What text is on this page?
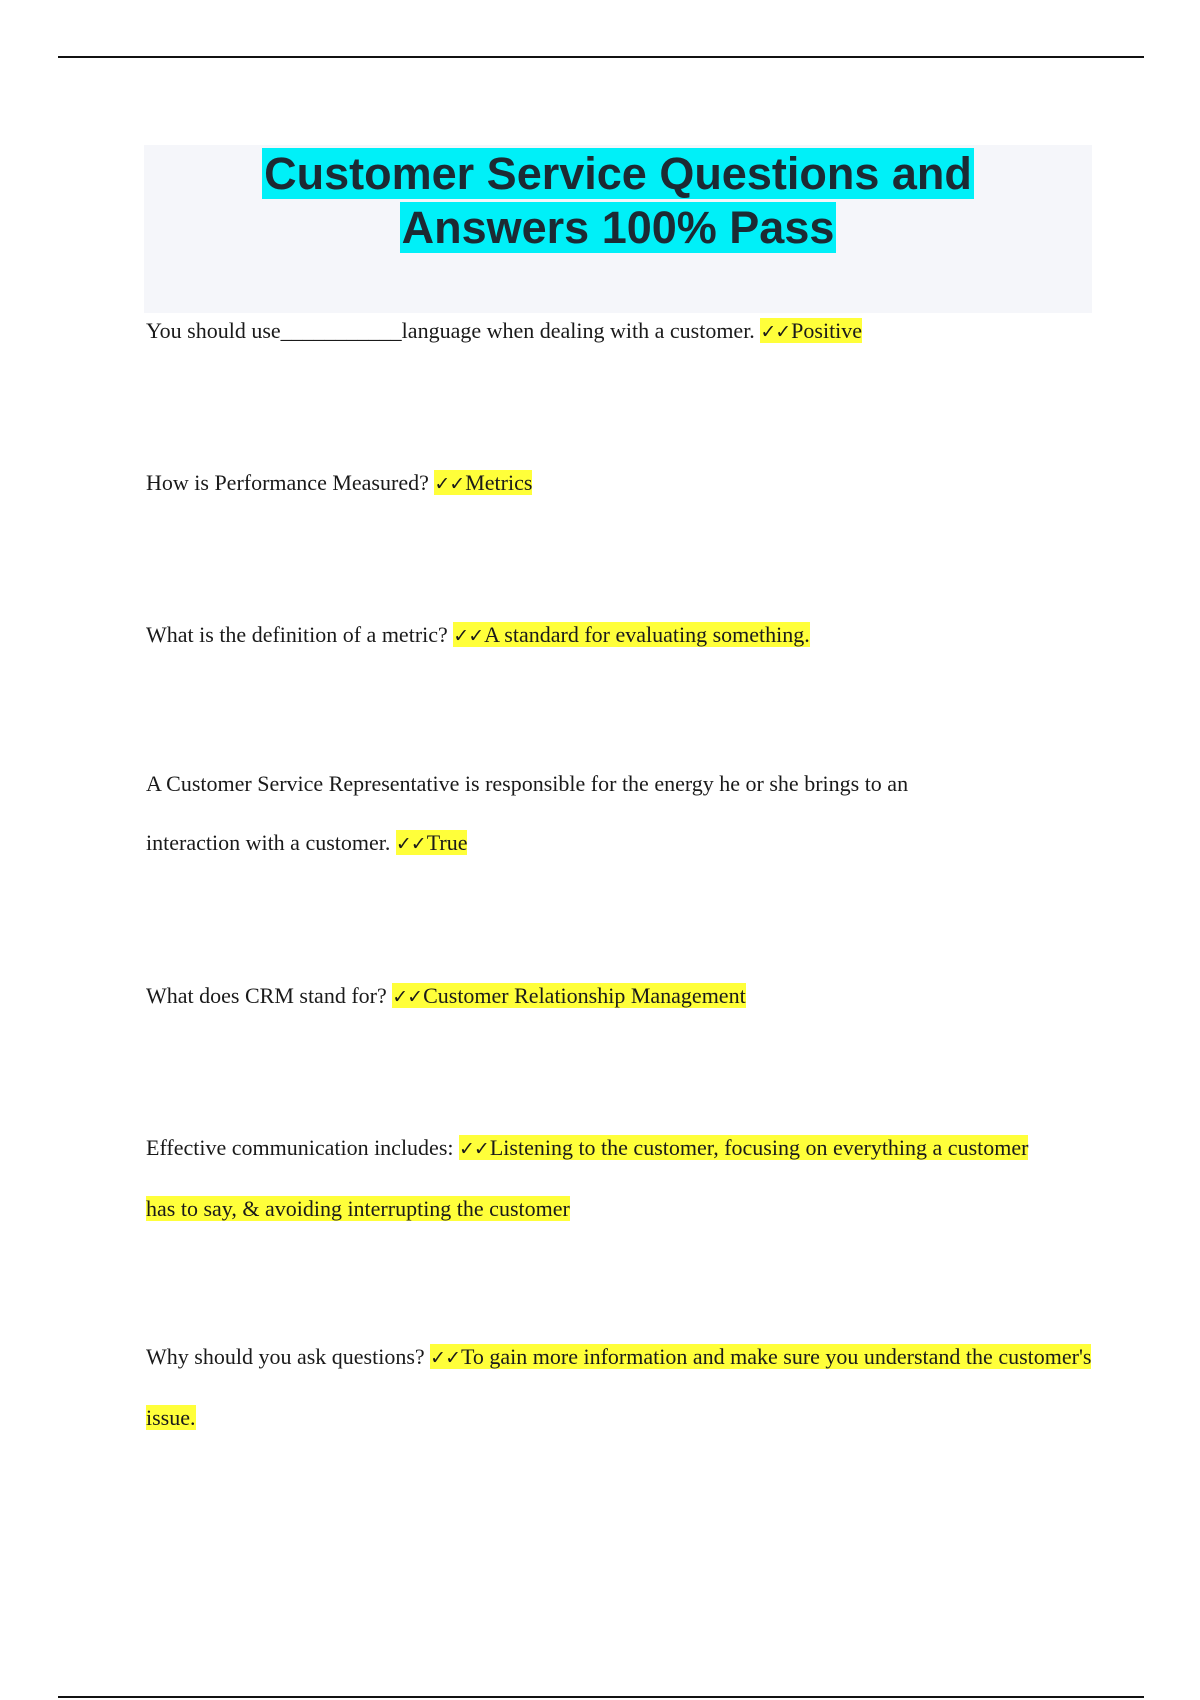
Customer Service Questions and
Answers 100% Pass
You should use___________language when dealing with a customer. ✓✓Positive
How is Performance Measured? ✓✓Metrics
What is the definition of a metric? ✓✓A standard for evaluating something.
A Customer Service Representative is responsible for the energy he or she brings to an interaction with a customer. ✓✓True
What does CRM stand for? ✓✓Customer Relationship Management
Effective communication includes: ✓✓Listening to the customer, focusing on everything a customer has to say, & avoiding interrupting the customer
Why should you ask questions? ✓✓To gain more information and make sure you understand the customer's issue.
